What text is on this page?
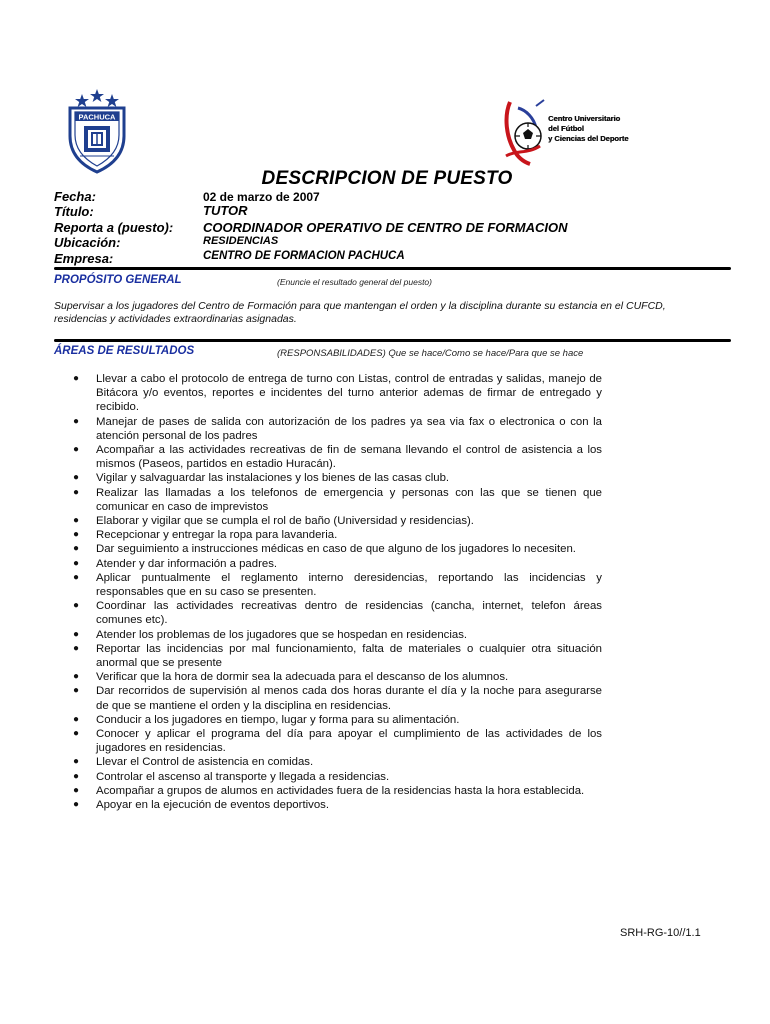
PACHUCA	Centro Universitario
del Fútbol
y Ciencias del Deporte
DESCRIPCION DE PUESTO
Fecha:	02 de marzo de 2007
Título:	TUTOR
Reporta a (puesto): COORDINADOR OPERATIVO DE CENTRO DE FORMACION
Ubicación:	RESIDENCIAS
Empresa:	CENTRO DE FORMACION PACHUCA
PROPÓSITO GENERAL	(Enuncie el resultado general del puesto)
Supervisar a los jugadores del Centro de Formación para que mantengan el orden y la disciplina durante su estancia en el CUFCD, residencias y actividades extraordinarias asignadas.
ÁREAS DE RESULTADOS	(RESPONSABILIDADES) Que se hace/Como se hace/Para que se hace
● Llevar a cabo el protocolo de entrega de turno con Listas, control de entradas y salidas, manejo de Bitácora y/o eventos, reportes e incidentes del turno anterior ademas de firmar de entregado y recibido.
● Manejar de pases de salida con autorización de los padres ya sea via fax o electronica o con la atención personal de los padres
● Acompañar a las actividades recreativas de fin de semana llevando el control de asistencia a los mismos (Paseos, partidos en estadio Huracán).
● Vigilar y salvaguardar las instalaciones y los bienes de las casas club.
● Realizar las llamadas a los telefonos de emergencia y personas con las que se tienen que comunicar en caso de imprevistos
● Elaborar y vigilar que se cumpla el rol de baño (Universidad y residencias).
● Recepcionar y entregar la ropa para lavanderia.
● Dar seguimiento a instrucciones médicas en caso de que alguno de los jugadores lo necesiten.
● Atender y dar información a padres.
● Aplicar puntualmente el reglamento interno deresidencias, reportando las incidencias y responsables que en su caso se presenten.
● Coordinar las actividades recreativas dentro de residencias (cancha, internet, telefon áreas comunes etc).
● Atender los problemas de los jugadores que se hospedan en residencias.
● Reportar las incidencias por mal funcionamiento, falta de materiales o cualquier otra situación anormal que se presente
● Verificar que la hora de dormir sea la adecuada para el descanso de los alumnos.
● Dar recorridos de supervisión al menos cada dos horas durante el día y la noche para asegurarse de que se mantiene el orden y la disciplina en residencias.
● Conducir a los jugadores en tiempo, lugar y forma para su alimentación.
● Conocer y aplicar el programa del día para apoyar el cumplimiento de las actividades de los jugadores en residencias.
● Llevar el Control de asistencia en comidas.
● Controlar el ascenso al transporte y llegada a residencias.
● Acompañar a grupos de alumos en actividades fuera de la residencias hasta la hora establecida.
● Apoyar en la ejecución de eventos deportivos.
SRH-RG-10//1.1
